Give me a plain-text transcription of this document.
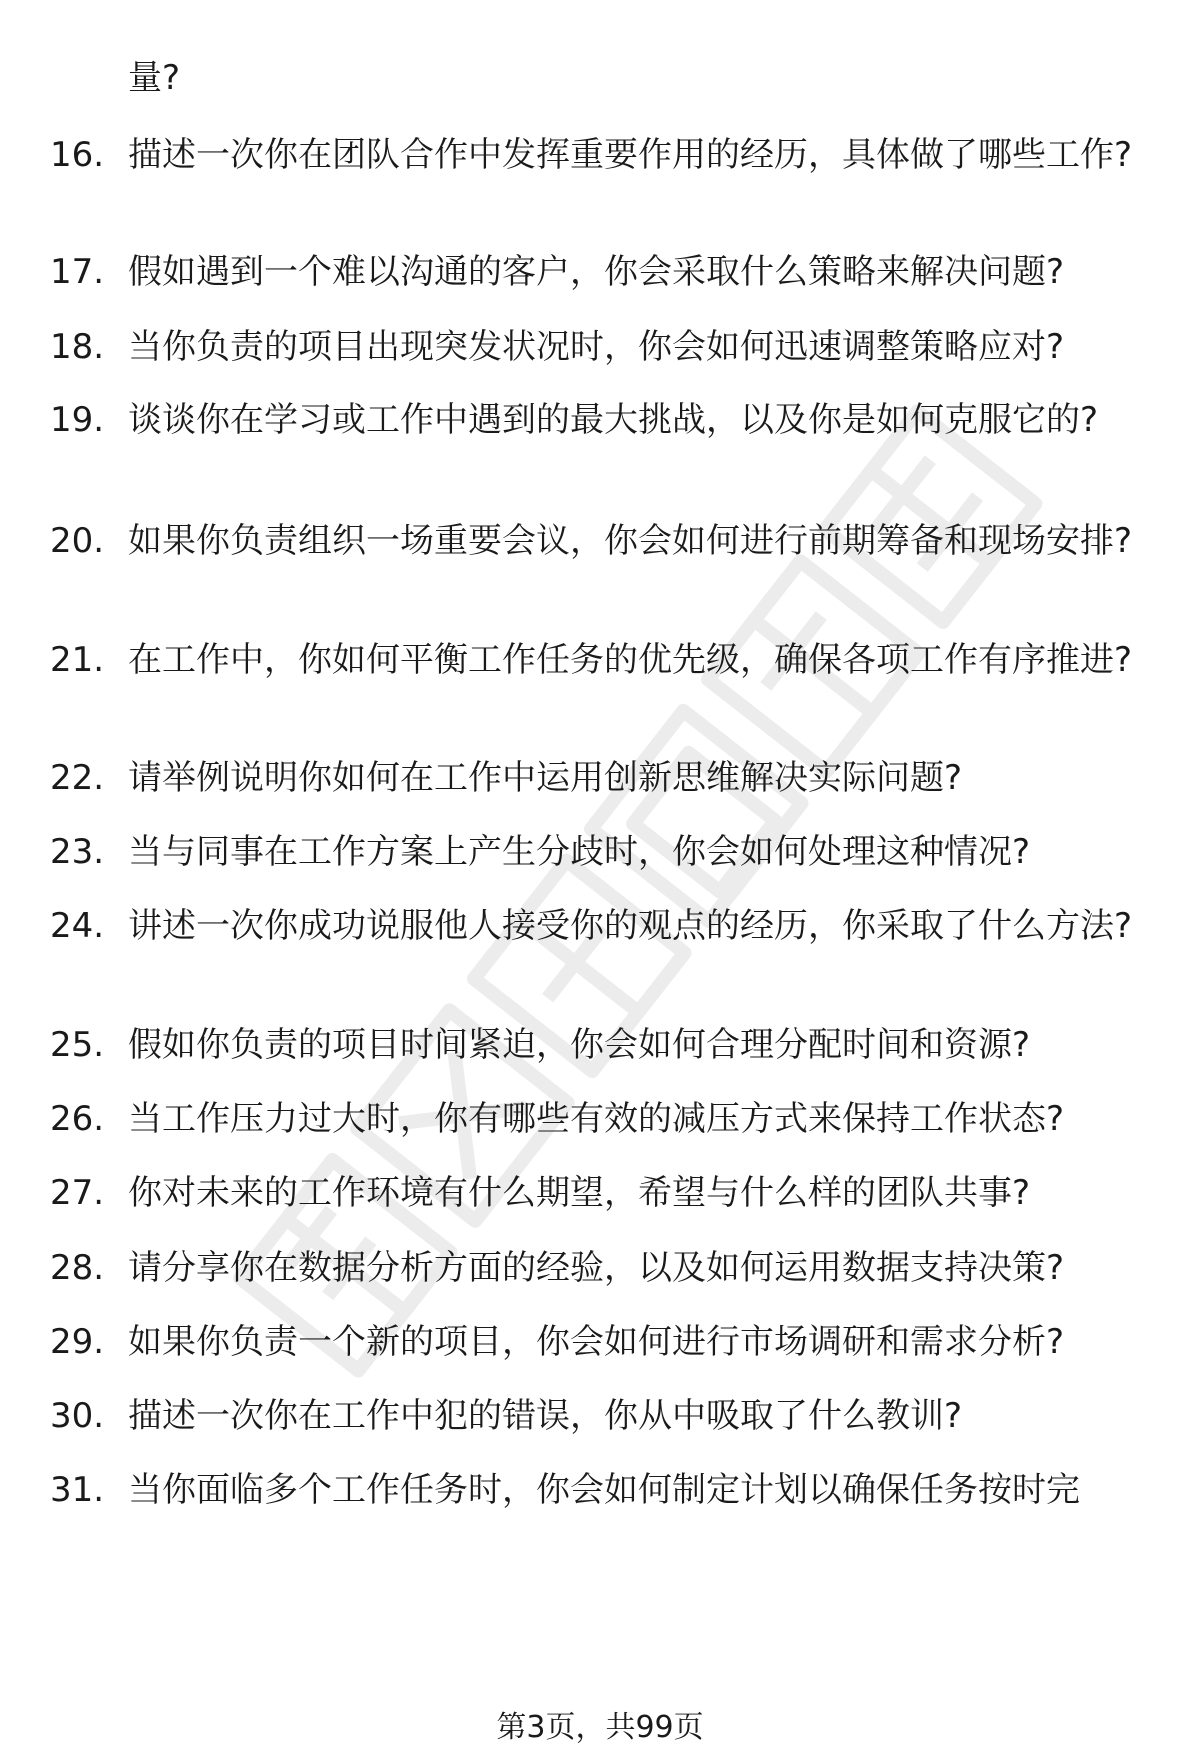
量?
16. 描述一次你在团队合作中发挥重要作用的经历，具体做了哪些工作?
17. 假如遇到一个难以沟通的客户，你会采取什么策略来解决问题?
18. 当你负责的项目出现突发状况时，你会如何迅速调整策略应对?
19. 谈谈你在学习或工作中遇到的最大挑战，以及你是如何克服它的?
20. 如果你负责组织一场重要会议，你会如何进行前期筹备和现场安排?
21. 在工作中，你如何平衡工作任务的优先级，确保各项工作有序推进?
22. 请举例说明你如何在工作中运用创新思维解决实际问题?
23. 当与同事在工作方案上产生分歧时，你会如何处理这种情况?
24. 讲述一次你成功说服他人接受你的观点的经历，你采取了什么方法?
25. 假如你负责的项目时间紧迫，你会如何合理分配时间和资源?
26. 当工作压力过大时，你有哪些有效的减压方式来保持工作状态?
27. 你对未来的工作环境有什么期望，希望与什么样的团队共事?
28. 请分享你在数据分析方面的经验，以及如何运用数据支持决策?
29. 如果你负责一个新的项目，你会如何进行市场调研和需求分析?
30. 描述一次你在工作中犯的错误，你从中吸取了什么教训?
31. 当你面临多个工作任务时，你会如何制定计划以确保任务按时完
第3页，共99页
